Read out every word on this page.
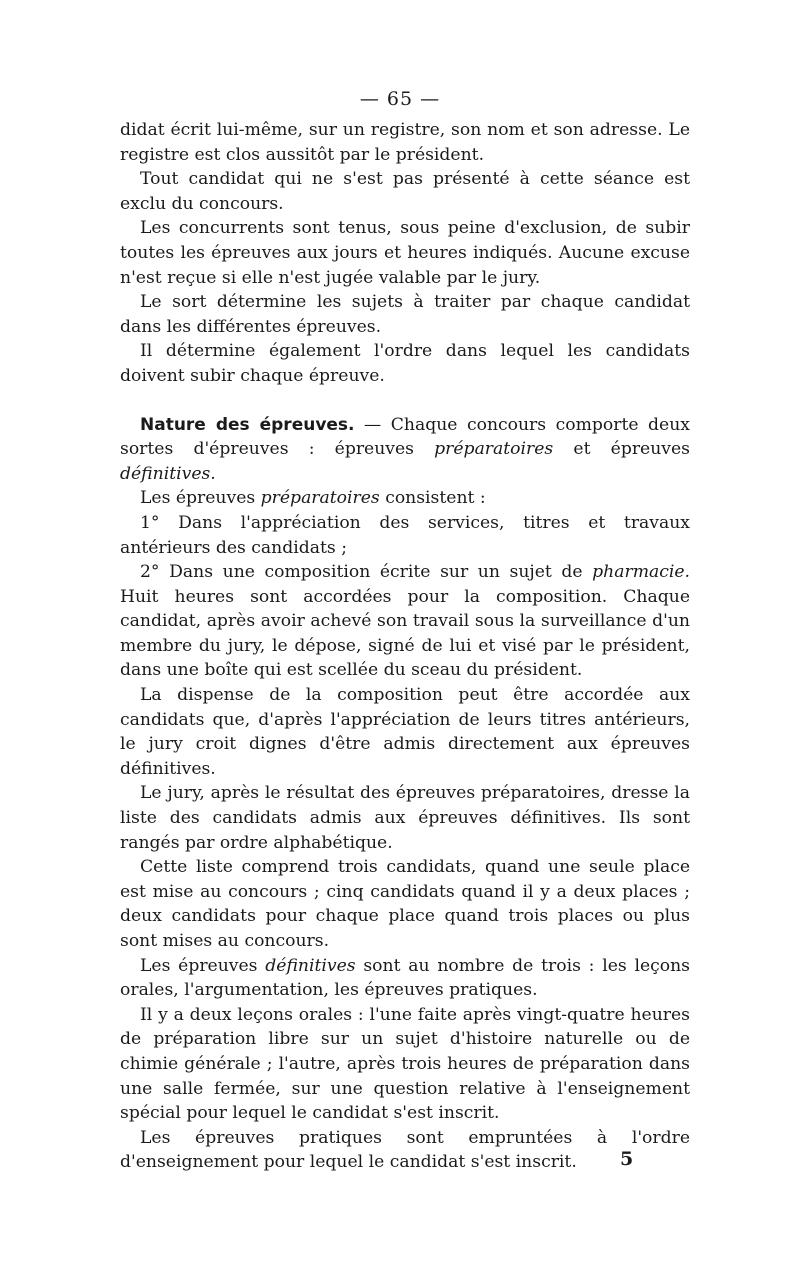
— 65 —

didat écrit lui-même, sur un registre, son nom et son adresse. Le registre est clos aussitôt par le président.

Tout candidat qui ne s'est pas présenté à cette séance est exclu du concours.

Les concurrents sont tenus, sous peine d'exclusion, de subir toutes les épreuves aux jours et heures indiqués. Aucune excuse n'est reçue si elle n'est jugée valable par le jury.

Le sort détermine les sujets à traiter par chaque candidat dans les différentes épreuves.

Il détermine également l'ordre dans lequel les candidats doivent subir chaque épreuve.

Nature des épreuves. — Chaque concours comporte deux sortes d'épreuves : épreuves préparatoires et épreuves définitives.

Les épreuves préparatoires consistent :

1° Dans l'appréciation des services, titres et travaux antérieurs des candidats ;

2° Dans une composition écrite sur un sujet de pharmacie. Huit heures sont accordées pour la composition. Chaque candidat, après avoir achevé son travail sous la surveillance d'un membre du jury, le dépose, signé de lui et visé par le président, dans une boîte qui est scellée du sceau du président.

La dispense de la composition peut être accordée aux candidats que, d'après l'appréciation de leurs titres antérieurs, le jury croit dignes d'être admis directement aux épreuves définitives.

Le jury, après le résultat des épreuves préparatoires, dresse la liste des candidats admis aux épreuves définitives. Ils sont rangés par ordre alphabétique.

Cette liste comprend trois candidats, quand une seule place est mise au concours ; cinq candidats quand il y a deux places ; deux candidats pour chaque place quand trois places ou plus sont mises au concours.

Les épreuves définitives sont au nombre de trois : les leçons orales, l'argumentation, les épreuves pratiques.

Il y a deux leçons orales : l'une faite après vingt-quatre heures de préparation libre sur un sujet d'histoire naturelle ou de chimie générale ; l'autre, après trois heures de préparation dans une salle fermée, sur une question relative à l'enseignement spécial pour lequel le candidat s'est inscrit.

Les épreuves pratiques sont empruntées à l'ordre d'enseignement pour lequel le candidat s'est inscrit.	5
